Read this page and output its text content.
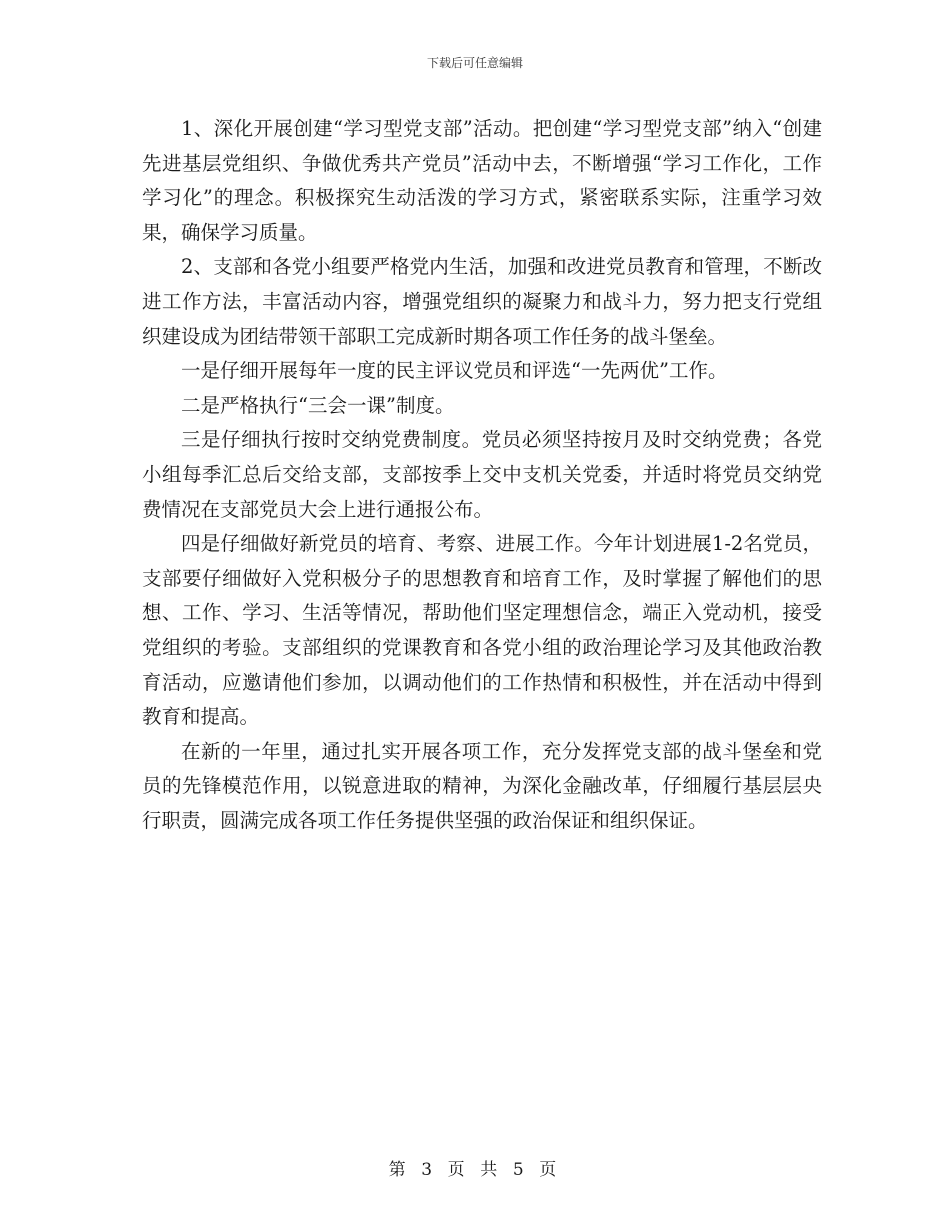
下载后可任意编辑

1、深化开展创建“学习型党支部”活动。把创建“学习型党支部”纳入“创建先进基层党组织、争做优秀共产党员”活动中去，不断增强“学习工作化，工作学习化”的理念。积极探究生动活泼的学习方式，紧密联系实际，注重学习效果，确保学习质量。

2、支部和各党小组要严格党内生活，加强和改进党员教育和管理，不断改进工作方法，丰富活动内容，增强党组织的凝聚力和战斗力，努力把支行党组织建设成为团结带领干部职工完成新时期各项工作任务的战斗堡垒。

一是仔细开展每年一度的民主评议党员和评选“一先两优”工作。

二是严格执行“三会一课”制度。

三是仔细执行按时交纳党费制度。党员必须坚持按月及时交纳党费；各党小组每季汇总后交给支部，支部按季上交中支机关党委，并适时将党员交纳党费情况在支部党员大会上进行通报公布。

四是仔细做好新党员的培育、考察、进展工作。今年计划进展1-2名党员，支部要仔细做好入党积极分子的思想教育和培育工作，及时掌握了解他们的思想、工作、学习、生活等情况，帮助他们坚定理想信念，端正入党动机，接受党组织的考验。支部组织的党课教育和各党小组的政治理论学习及其他政治教育活动，应邀请他们参加，以调动他们的工作热情和积极性，并在活动中得到教育和提高。

在新的一年里，通过扎实开展各项工作，充分发挥党支部的战斗堡垒和党员的先锋模范作用，以锐意进取的精神，为深化金融改革，仔细履行基层层央行职责，圆满完成各项工作任务提供坚强的政治保证和组织保证。

第 3 页 共 5 页
